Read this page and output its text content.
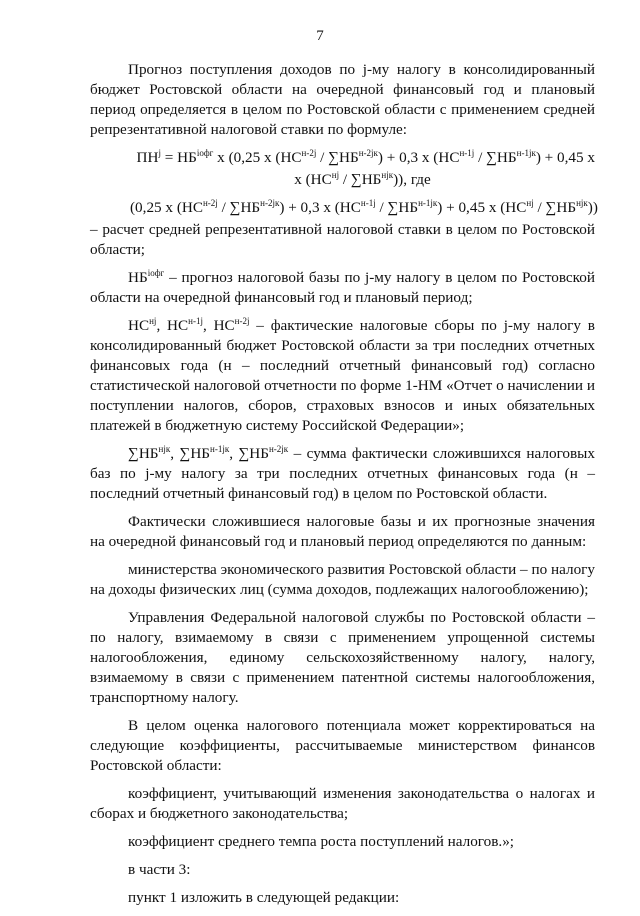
7

Прогноз поступления доходов по j-му налогу в консолидированный бюджет Ростовской области на очередной финансовый год и плановый период определяется в целом по Ростовской области с применением средней репрезентативной налоговой ставки по формуле:

$ПН^j = НБ^{iофг}$ x (0,25 x $(НС^{н-2j} / \sum НБ^{н-2jк}) + 0,3$ x $(НС^{н-1j} / \sum НБ^{н-1jк}) + 0,45$ x
x $(НС^{нj} / \sum НБ^{нjк})$), где
(0,25 x $(НС^{н-2j} / \sum НБ^{н-2jк}) + 0,3$ x $(НС^{н-1j} / \sum НБ^{н-1jк}) + 0,45$ x $(НС^{нj} / \sum НБ^{нjк})$)

– расчет средней репрезентативной налоговой ставки в целом по Ростовской области;

$НБ^{iофг}$ – прогноз налоговой базы по j-му налогу в целом по Ростовской области на очередной финансовый год и плановый период;

$НС^{нj}$, $НС^{н-1j}$, $НС^{н-2j}$ – фактические налоговые сборы по j-му налогу в консолидированный бюджет Ростовской области за три последних отчетных финансовых года (н – последний отчетный финансовый год) согласно статистической налоговой отчетности по форме 1-НМ «Отчет о начислении и поступлении налогов, сборов, страховых взносов и иных обязательных платежей в бюджетную систему Российской Федерации»;

$\sum НБ^{нjк}$, $\sum НБ^{н-1jк}$, $\sum НБ^{н-2jк}$ – сумма фактически сложившихся налоговых баз по j-му налогу за три последних отчетных финансовых года (н – последний отчетный финансовый год) в целом по Ростовской области.

Фактически сложившиеся налоговые базы и их прогнозные значения на очередной финансовый год и плановый период определяются по данным:

министерства экономического развития Ростовской области – по налогу на доходы физических лиц (сумма доходов, подлежащих налогообложению);

Управления Федеральной налоговой службы по Ростовской области – по налогу, взимаемому в связи с применением упрощенной системы налогообложения, единому сельскохозяйственному налогу, налогу, взимаемому в связи с применением патентной системы налогообложения, транспортному налогу.

В целом оценка налогового потенциала может корректироваться на следующие коэффициенты, рассчитываемые министерством финансов Ростовской области:

коэффициент, учитывающий изменения законодательства о налогах и сборах и бюджетного законодательства;

коэффициент среднего темпа роста поступлений налогов.»;

в части 3:

пункт 1 изложить в следующей редакции:
